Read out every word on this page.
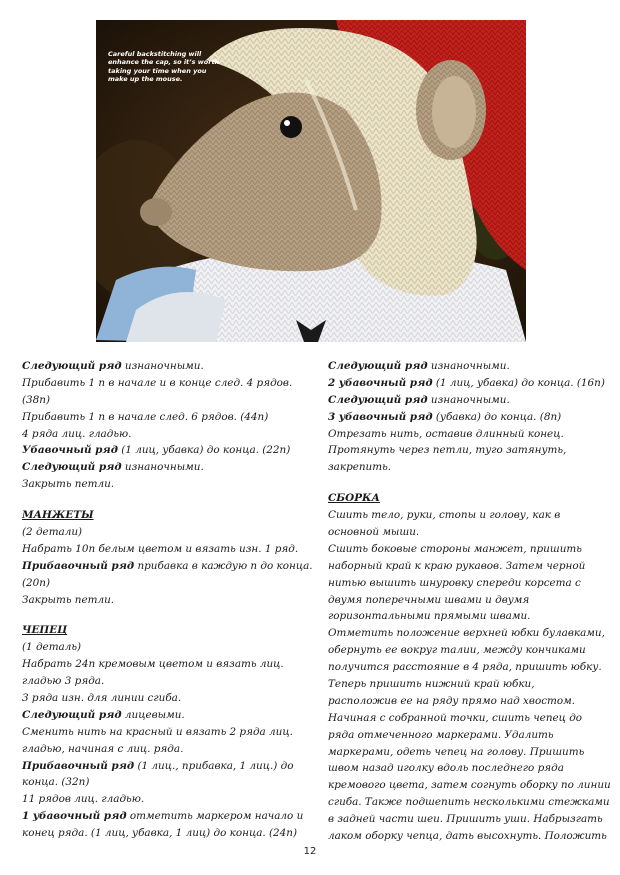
Careful backstitching will enhance the cap, so it’s worth taking your time when you make up the mouse.
Следующий ряд изнаночными.
Прибавить 1 п в начале и в конце след. 4 рядов.
(38п)
Прибавить 1 п в начале след. 6 рядов. (44п)
4 ряда лиц. гладью.
Убавочный ряд (1 лиц, убавка) до конца. (22п)
Следующий ряд изнаночными.
Закрыть петли.
МАНЖЕТЫ
(2 детали)
Набрать 10п белым цветом и вязать изн. 1 ряд.
Прибавочный ряд прибавка в каждую п до конца.
(20п)
Закрыть петли.
ЧЕПЕЦ
(1 деталь)
Набрать 24п кремовым цветом и вязать лиц.
гладью 3 ряда.
3 ряда изн. для линии сгиба.
Следующий ряд лицевыми.
Сменить нить на красный и вязать 2 ряда лиц.
гладью, начиная с лиц. ряда.
Прибавочный ряд (1 лиц., прибавка, 1 лиц.) до
конца. (32п)
11 рядов лиц. гладью.
1 убавочный ряд отметить маркером начало и
конец ряда. (1 лиц, убавка, 1 лиц) до конца. (24п)
Следующий ряд изнаночными.
2 убавочный ряд (1 лиц, убавка) до конца. (16п)
Следующий ряд изнаночными.
3 убавочный ряд (убавка) до конца. (8п)
Отрезать нить, оставив длинный конец.
Протянуть через петли, туго затянуть,
закрепить.
СБОРКА
Сшить тело, руки, стопы и голову, как в
основной мыши.
Сшить боковые стороны манжет, пришить
наборный край к краю рукавов. Затем черной
нитью вышить шнуровку спереди корсета с
двумя поперечными швами и двумя
горизонтальными прямыми швами.
Отметить положение верхней юбки булавками,
обернуть ее вокруг талии, между кончиками
получится расстояние в 4 ряда, пришить юбку.
Теперь пришить нижний край юбки,
расположив ее на ряду прямо над хвостом.
Начиная с собранной точки, сшить чепец до
ряда отмеченного маркерами. Удалить
маркерами, одеть чепец на голову. Пришить
швом назад иголку вдоль последнего ряда
кремового цвета, затем согнуть оборку по линии
сгиба. Также подшепить несколькими стежками
в задней части шеи. Пришить уши. Набрызгать
лаком оборку чепца, дать высохнуть. Положить
12
